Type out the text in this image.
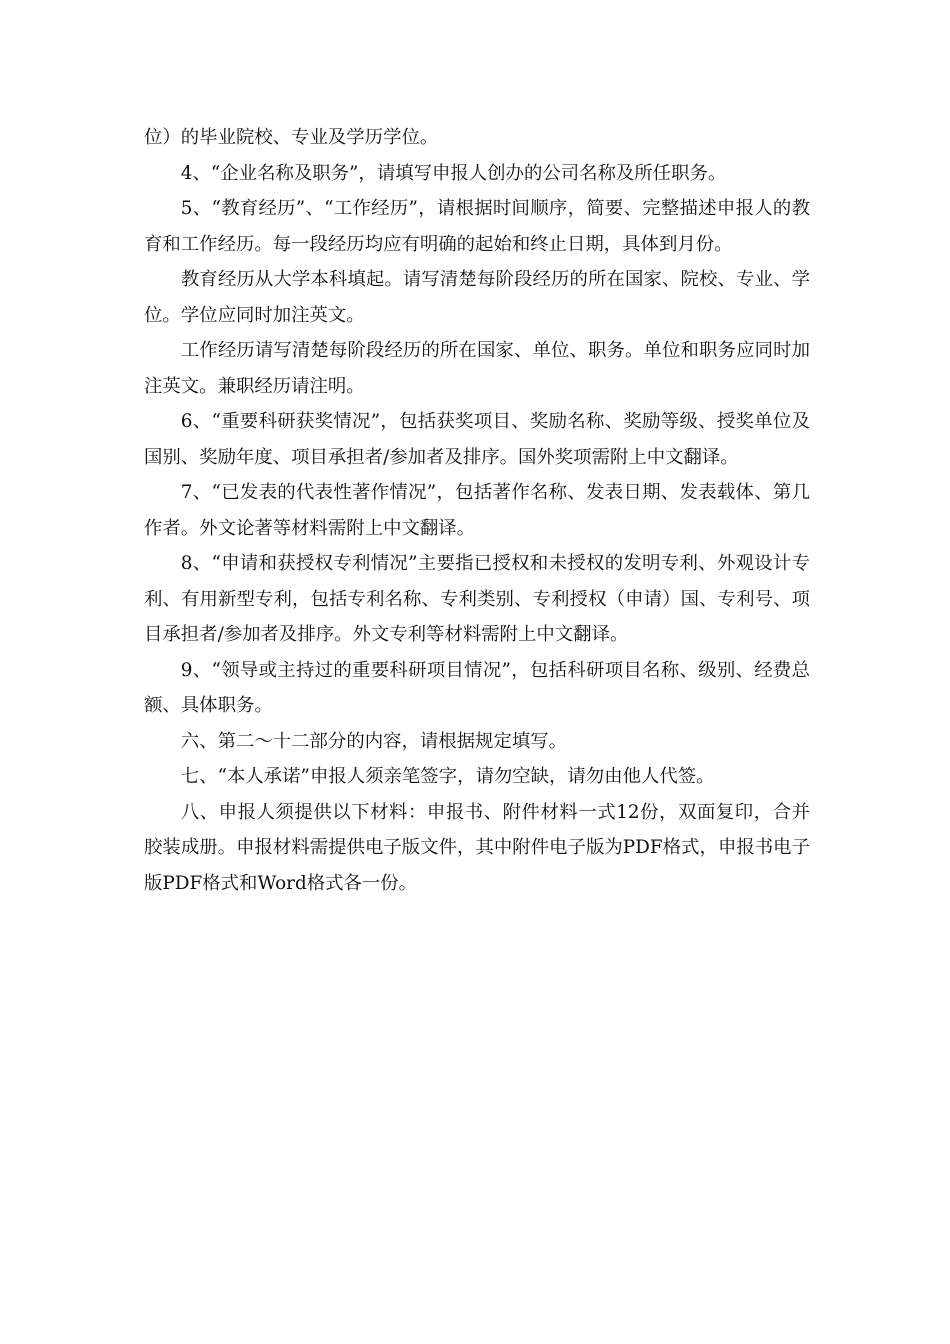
位）的毕业院校、专业及学历学位。

4、“企业名称及职务”，请填写申报人创办的公司名称及所任职务。

5、“教育经历”、“工作经历”，请根据时间顺序，简要、完整描述申报人的教育和工作经历。每一段经历均应有明确的起始和终止日期，具体到月份。

教育经历从大学本科填起。请写清楚每阶段经历的所在国家、院校、专业、学位。学位应同时加注英文。

工作经历请写清楚每阶段经历的所在国家、单位、职务。单位和职务应同时加注英文。兼职经历请注明。

6、“重要科研获奖情况”，包括获奖项目、奖励名称、奖励等级、授奖单位及国别、奖励年度、项目承担者/参加者及排序。国外奖项需附上中文翻译。

7、“已发表的代表性著作情况”，包括著作名称、发表日期、发表载体、第几作者。外文论著等材料需附上中文翻译。

8、“申请和获授权专利情况”主要指已授权和未授权的发明专利、外观设计专利、有用新型专利，包括专利名称、专利类别、专利授权（申请）国、专利号、项目承担者/参加者及排序。外文专利等材料需附上中文翻译。

9、“领导或主持过的重要科研项目情况”，包括科研项目名称、级别、经费总额、具体职务。

六、第二～十二部分的内容，请根据规定填写。

七、“本人承诺”申报人须亲笔签字，请勿空缺，请勿由他人代签。

八、申报人须提供以下材料：申报书、附件材料一式12份，双面复印，合并胶装成册。申报材料需提供电子版文件，其中附件电子版为PDF格式，申报书电子版PDF格式和Word格式各一份。
